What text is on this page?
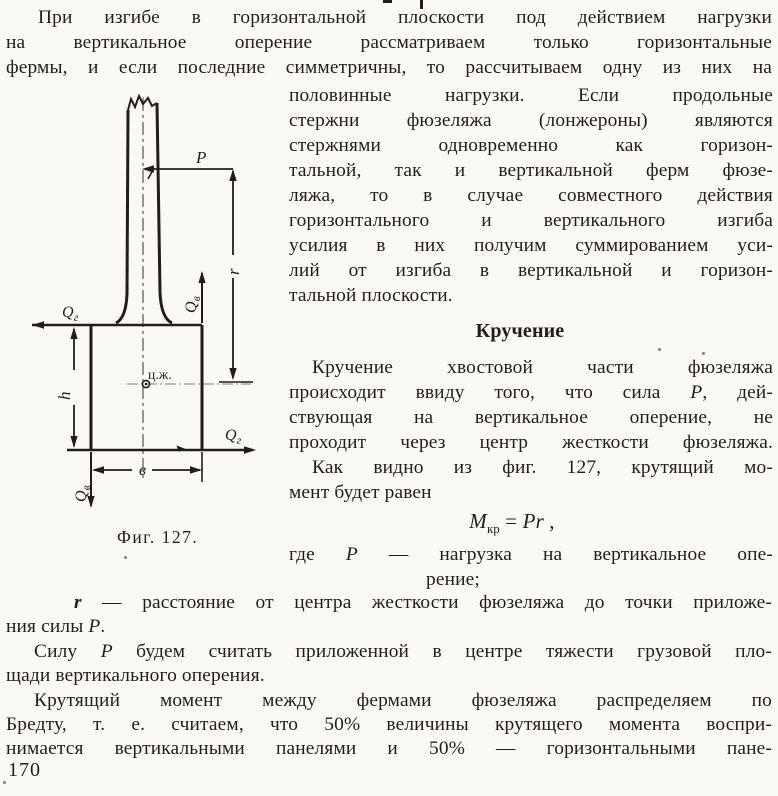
При изгибе в горизонтальной плоскости под действием нагрузки
на вертикальное оперение рассматриваем только горизонтальные
фермы, и если последние симметричны, то рассчитываем одну из них на
P
r
$Q_г$
$Q_в$
h
$Q_г$
в
$Q_в$
ц.ж.
Фиг. 127.
половинные нагрузки. Если продольные
стержни фюзеляжа (лонжероны) являются
стержнями одновременно как горизон-
тальной, так и вертикальной ферм фюзе-
ляжа, то в случае совместного действия
горизонтального и вертикального изгиба
усилия в них получим суммированием уси-
лий от изгиба в вертикальной и горизон-
тальной плоскости.
Кручение
Кручение хвостовой части фюзеляжа
происходит ввиду того, что сила P, дей-
ствующая на вертикальное оперение, не
проходит через центр жесткости фюзеляжа.
Как видно из фиг. 127, крутящий мо-
мент будет равен
$M_{кр} = Pr$ ,
где P — нагрузка на вертикальное опе-
рение;
r — расстояние от центра жесткости фюзеляжа до точки приложе-
ния силы P.
Силу P будем считать приложенной в центре тяжести грузовой пло-
щади вертикального оперения.
Крутящий момент между фермами фюзеляжа распределяем по
Бредту, т. е. считаем, что 50% величины крутящего момента воспри-
нимается вертикальными панелями и 50% — горизонтальными пане-
170
